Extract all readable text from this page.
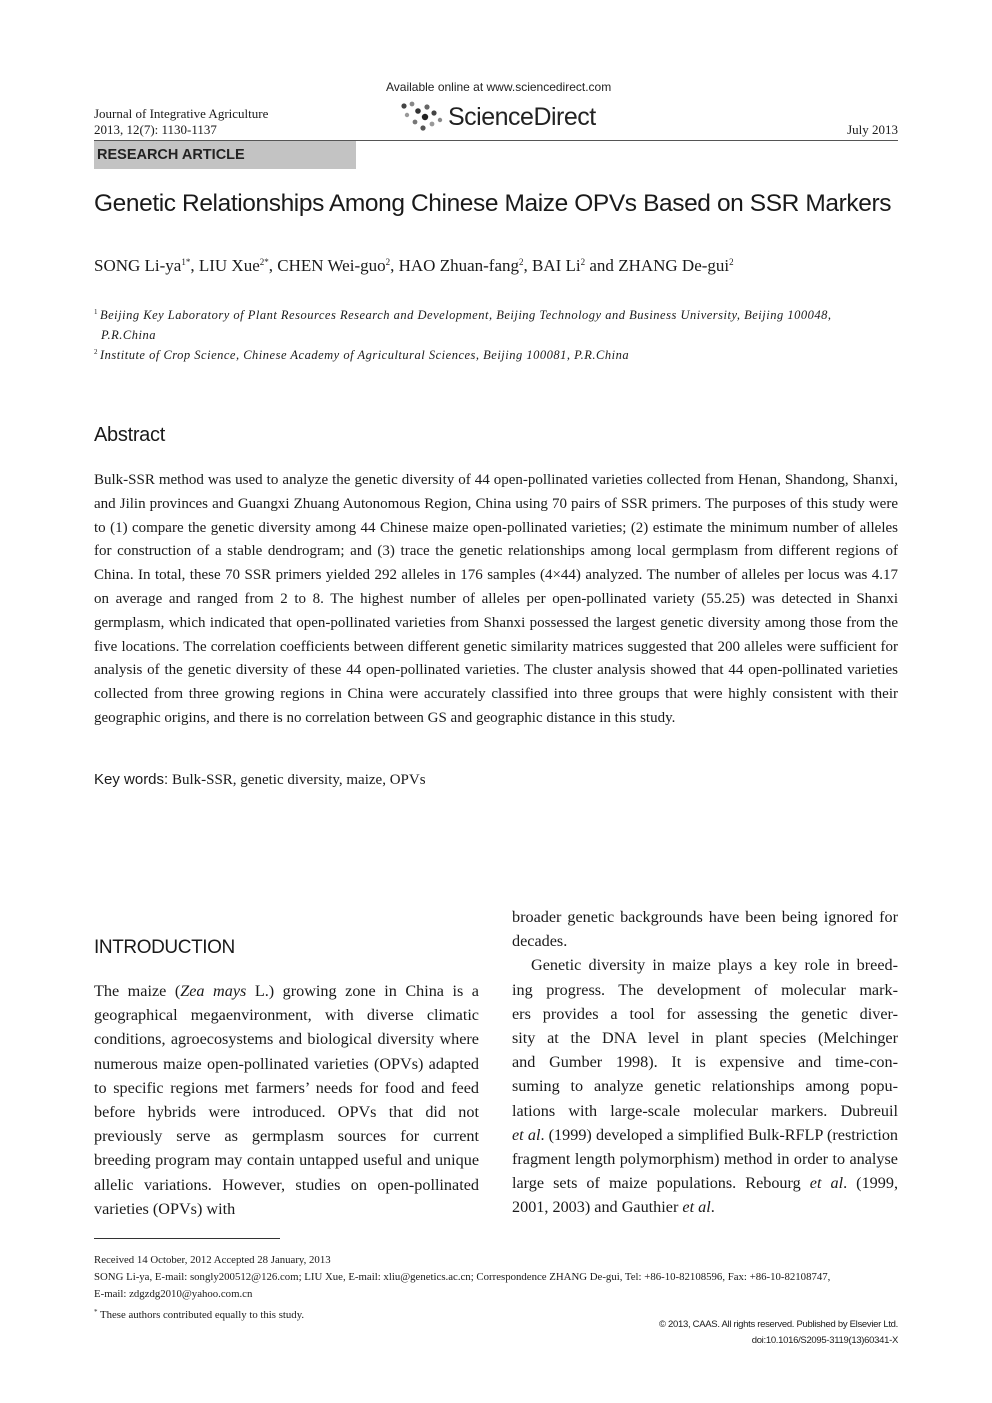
Journal of Integrative Agriculture
2013, 12(7): 1130-1137
Available online at www.sciencedirect.com
ScienceDirect	July 2013
RESEARCH ARTICLE
Genetic Relationships Among Chinese Maize OPVs Based on SSR Markers
SONG $Li-ya^{1*}$, LIU Xue$^{2*}$, CHEN Wei-guo$^2$, HAO Zhuan-fang$^2$, BAI Li$^2$ and ZHANG De-gui$^2$
$^1$ Beijing Key Laboratory of Plant Resources Research and Development, Beijing Technology and Business University, Beijing 100048,
P.R.China
$^2$ Institute of Crop Science, Chinese Academy of Agricultural Sciences, Beijing 100081, P.R.China
Abstract
Bulk-SSR method was used to analyze the genetic diversity of 44 open-pollinated varieties collected from Henan, Shandong, Shanxi, and Jilin provinces and Guangxi Zhuang Autonomous Region, China using 70 pairs of SSR primers. The purposes of this study were to (1) compare the genetic diversity among 44 Chinese maize open-pollinated varieties; (2) estimate the minimum number of alleles for construction of a stable dendrogram; and (3) trace the genetic relationships among local germplasm from different regions of China. In total, these 70 SSR primers yielded 292 alleles in 176 samples (4×44) analyzed. The number of alleles per locus was 4.17 on average and ranged from 2 to 8. The highest number of alleles per open-pollinated variety (55.25) was detected in Shanxi germplasm, which indicated that open-pollinated varieties from Shanxi possessed the largest genetic diversity among those from the five locations. The correlation coefficients between different genetic similarity matrices suggested that 200 alleles were sufficient for analysis of the genetic diversity of these 44 open-pollinated varieties. The cluster analysis showed that 44 open-pollinated varieties collected from three growing regions in China were accurately classified into three groups that were highly consistent with their geographic origins, and there is no correlation between GS and geographic distance in this study.
Key words: Bulk-SSR, genetic diversity, maize, OPVs
INTRODUCTION

The maize (Zea mays L.) growing zone in China is a geographical megaenvironment, with diverse climatic conditions, agroecosystems and biological diversity where numerous maize open-pollinated varieties (OPVs) adapted to specific regions met farmers’ needs for food and feed before hybrids were introduced. OPVs that did not previously serve as germplasm sources for current breeding program may contain untapped useful and unique allelic variations. However, studies on open-pollinated varieties (OPVs) with

broader genetic backgrounds have been being ignored for decades.

Genetic diversity in maize plays a key role in breed-
ing progress. The development of molecular mark-
ers provides a tool for assessing the genetic diver-
sity at the DNA level in plant species (Melchinger
and Gumber 1998). It is expensive and time-con-
suming to analyze genetic relationships among popu-
lations with large-scale molecular markers. Dubreuil

et al. (1999) developed a simplified Bulk-RFLP (restriction fragment length polymorphism) method in order to analyse large sets of maize populations. Rebourg et al. (1999, 2001, 2003) and Gauthier et al.

Received 14 October, 2012 Accepted 28 January, 2013
SONG Li-ya, E-mail: songly200512@126.com; LIU Xue, E-mail: xliu@genetics.ac.cn; Correspondence ZHANG De-gui, Tel: +86-10-82108596, Fax: +86-10-82108747,
E-mail: zdgzdg2010@yahoo.com.cn
* These authors contributed equally to this study.
© 2013, CAAS. All rights reserved. Published by Elsevier Ltd.
doi:10.1016/S2095-3119(13)60341-X
